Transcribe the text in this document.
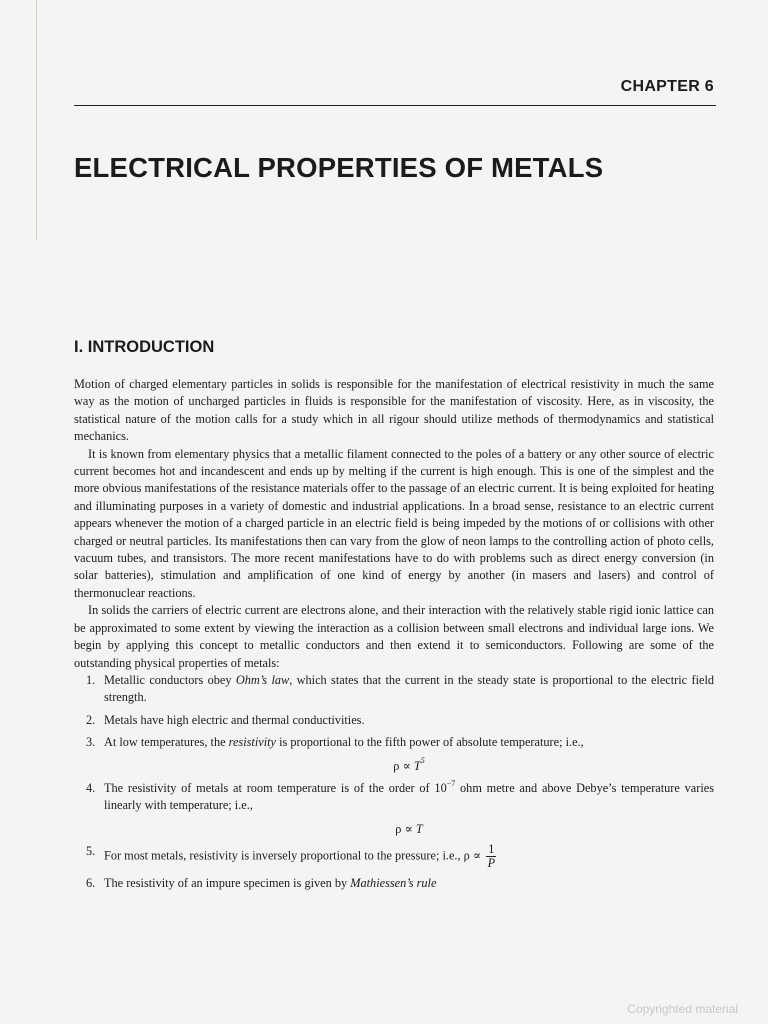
CHAPTER 6
ELECTRICAL PROPERTIES OF METALS
I. INTRODUCTION

Motion of charged elementary particles in solids is responsible for the manifestation of electrical resistivity in much the same way as the motion of uncharged particles in fluids is responsible for the manifestation of viscosity. Here, as in viscosity, the statistical nature of the motion calls for a study which in all rigour should utilize methods of thermodynamics and statistical mechanics.

It is known from elementary physics that a metallic filament connected to the poles of a battery or any other source of electric current becomes hot and incandescent and ends up by melting if the current is high enough. This is one of the simplest and the more obvious manifestations of the resistance materials offer to the passage of an electric current. It is being exploited for heating and illuminating purposes in a variety of domestic and industrial applications. In a broad sense, resistance to an electric current appears whenever the motion of a charged particle in an electric field is being impeded by the motions of or collisions with other charged or neutral particles. Its manifestations then can vary from the glow of neon lamps to the controlling action of photo cells, vacuum tubes, and transistors. The more recent manifestations have to do with problems such as direct energy conversion (in solar batteries), stimulation and amplification of one kind of energy by another (in masers and lasers) and control of thermonuclear reactions.

In solids the carriers of electric current are electrons alone, and their interaction with the relatively stable rigid ionic lattice can be approximated to some extent by viewing the interaction as a collision between small electrons and individual large ions. We begin by applying this concept to metallic conductors and then extend it to semiconductors. Following are some of the outstanding physical properties of metals:

1. Metallic conductors obey Ohm’s law, which states that the current in the steady state is proportional to the electric field strength.
2. Metals have high electric and thermal conductivities.
3. At low temperatures, the resistivity is proportional to the fifth power of absolute temperature; i.e.,
$\rho \propto T^5$
4. The resistivity of metals at room temperature is of the order of $10^{-7}$ ohm metre and above Debye’s temperature varies linearly with temperature; i.e.,
ρ ∝ T
5. For most metals, resistivity is inversely proportional to the pressure; i.e., $\rho \propto \frac{1}{P}$
6. The resistivity of an impure specimen is given by Mathiessen’s rule
Copyrighted material
